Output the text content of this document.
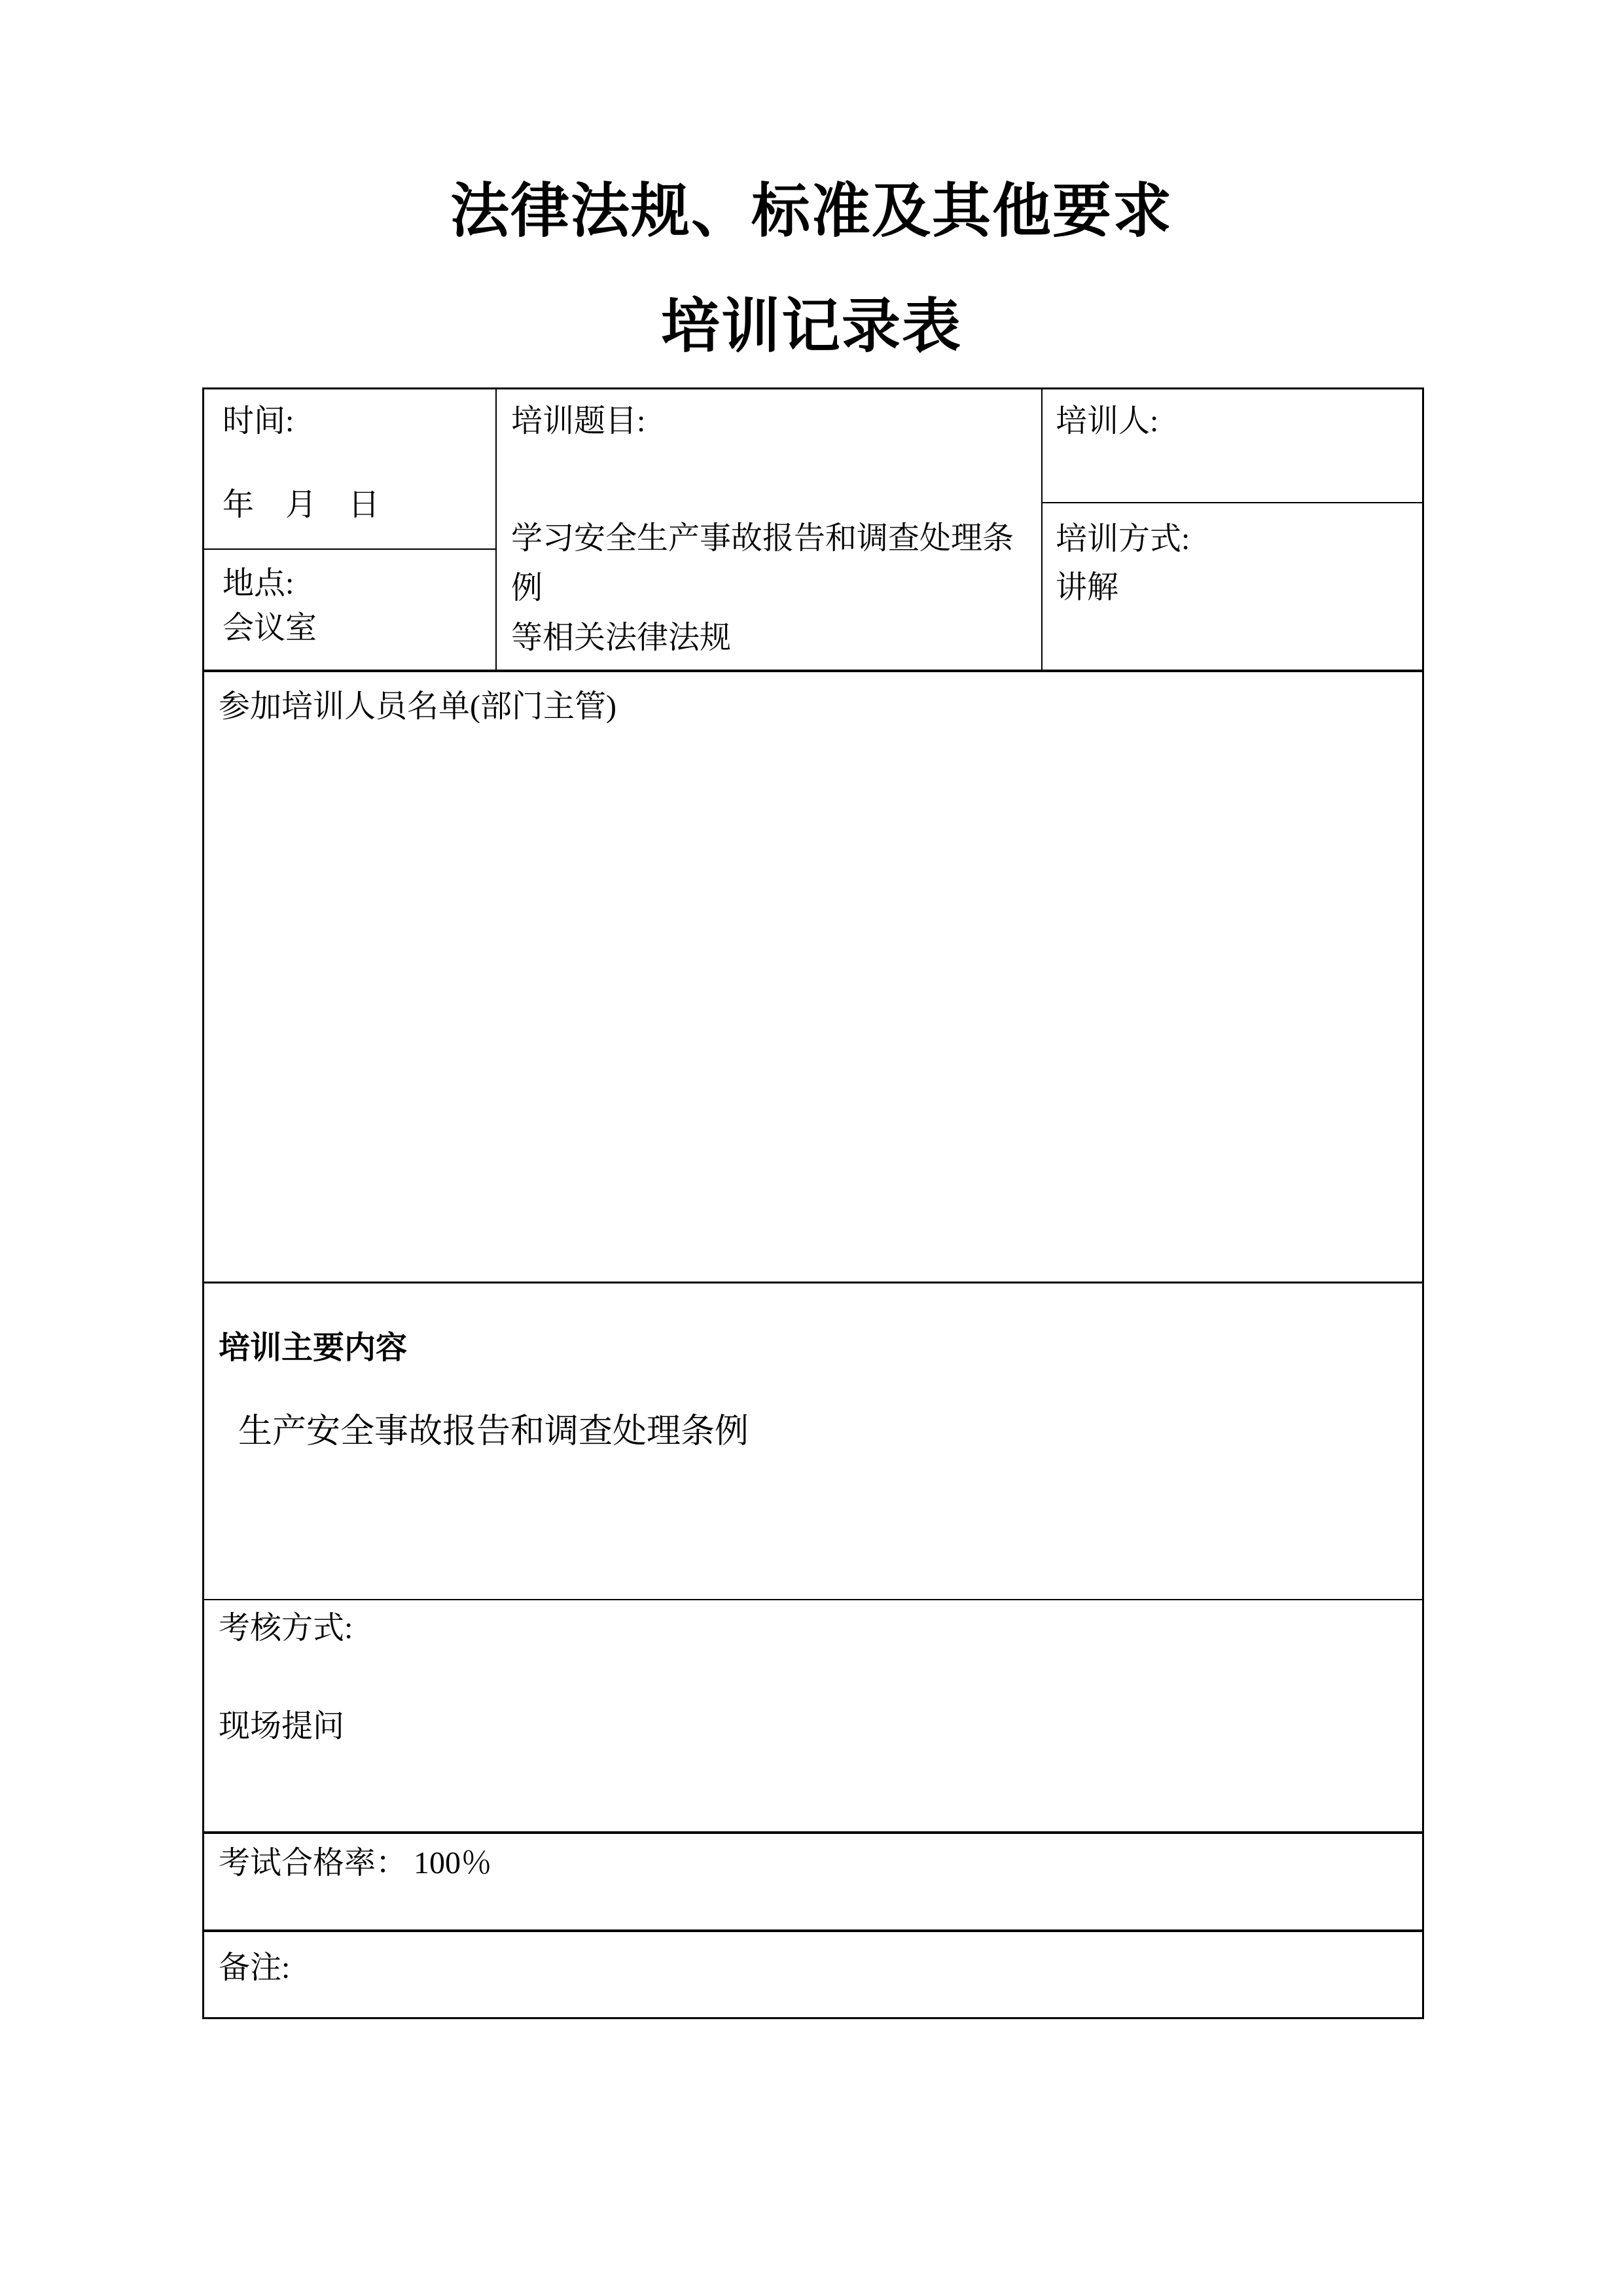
法律法规、标准及其他要求
培训记录表
时间:
年　月　日
地点:
会议室
培训题目:
学习安全生产事故报告和调查处理条例
等相关法律法规
培训人:
培训方式:
讲解
参加培训人员名单(部门主管)
培训主要内容
生产安全事故报告和调查处理条例
考核方式:
现场提问
考试合格率： 100％
备注:
